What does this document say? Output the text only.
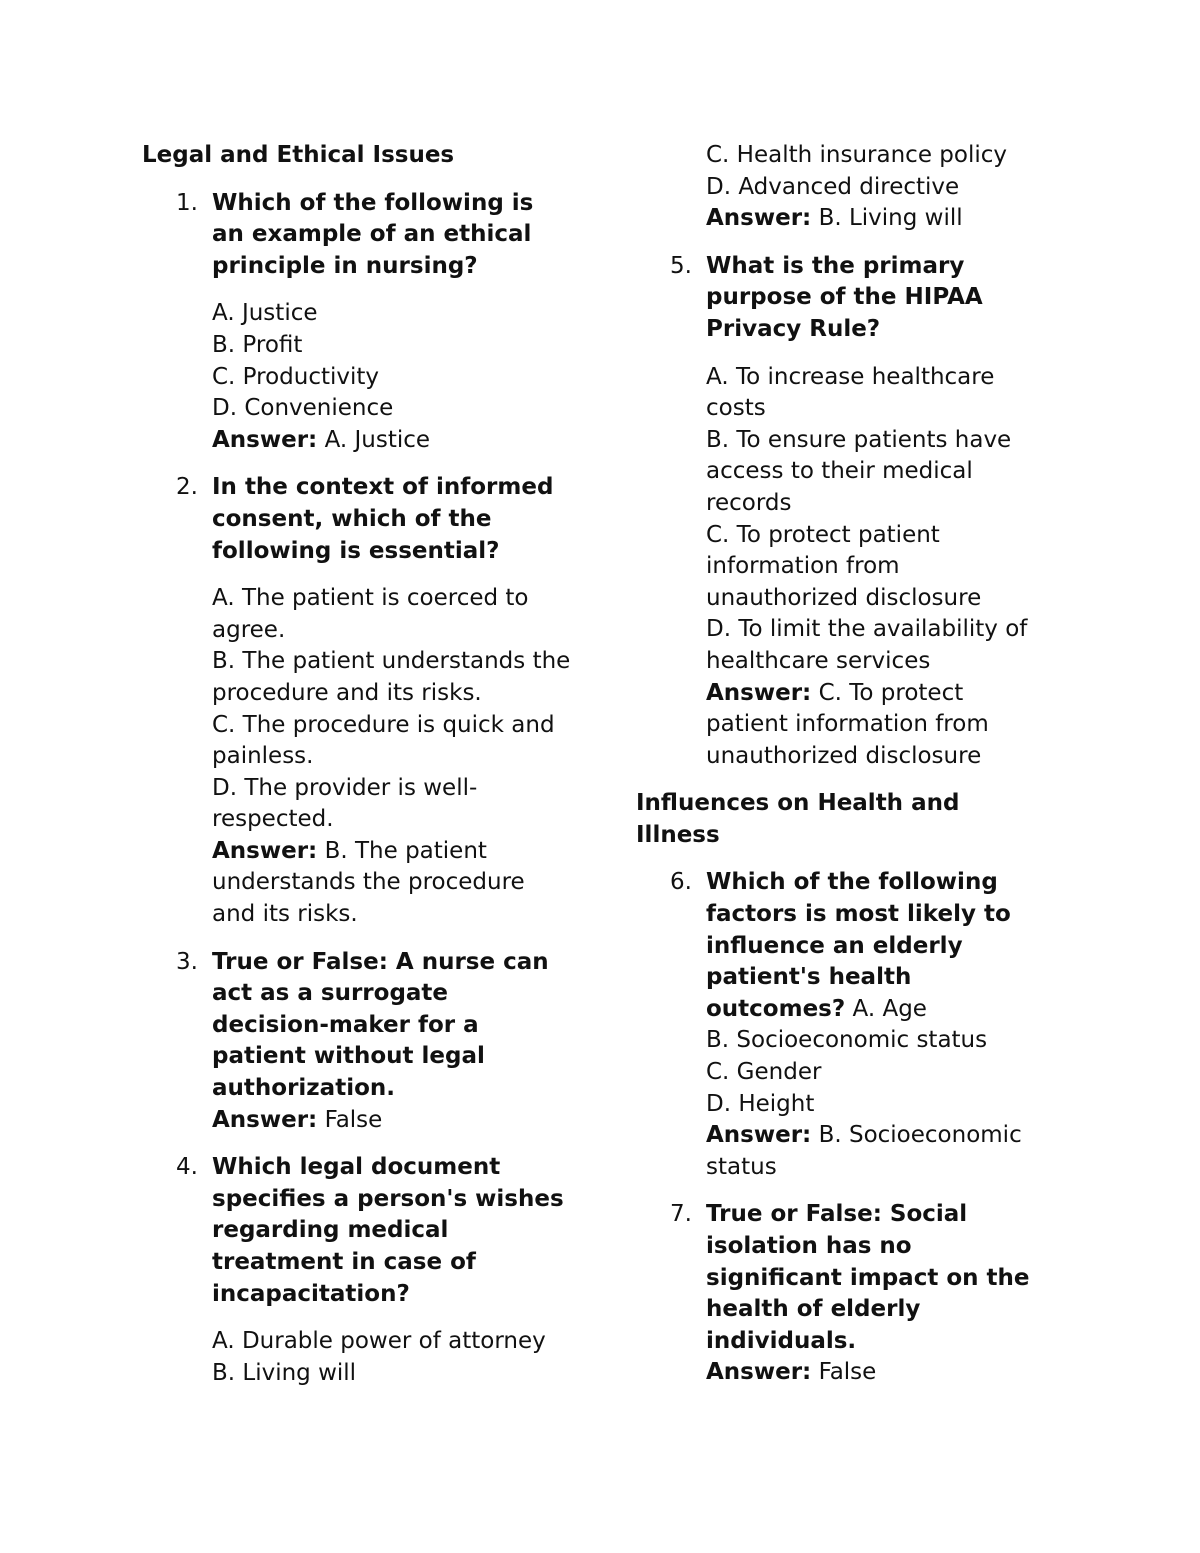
Legal and Ethical Issues
1. Which of the following is an example of an ethical principle in nursing?
A. Justice
B. Profit
C. Productivity
D. Convenience
Answer: A. Justice
2. In the context of informed consent, which of the following is essential?
A. The patient is coerced to agree.
B. The patient understands the procedure and its risks.
C. The procedure is quick and painless.
D. The provider is well-respected.
Answer: B. The patient understands the procedure and its risks.
3. True or False: A nurse can act as a surrogate decision-maker for a patient without legal authorization.
Answer: False
4. Which legal document specifies a person's wishes regarding medical treatment in case of incapacitation?
A. Durable power of attorney
B. Living will
C. Health insurance policy
D. Advanced directive
Answer: B. Living will
5. What is the primary purpose of the HIPAA Privacy Rule?
A. To increase healthcare costs
B. To ensure patients have access to their medical records
C. To protect patient information from unauthorized disclosure
D. To limit the availability of healthcare services
Answer: C. To protect patient information from unauthorized disclosure
Influences on Health and Illness
6. Which of the following factors is most likely to influence an elderly patient's health outcomes? A. Age
B. Socioeconomic status
C. Gender
D. Height
Answer: B. Socioeconomic status
7. True or False: Social isolation has no significant impact on the health of elderly individuals.
Answer: False
